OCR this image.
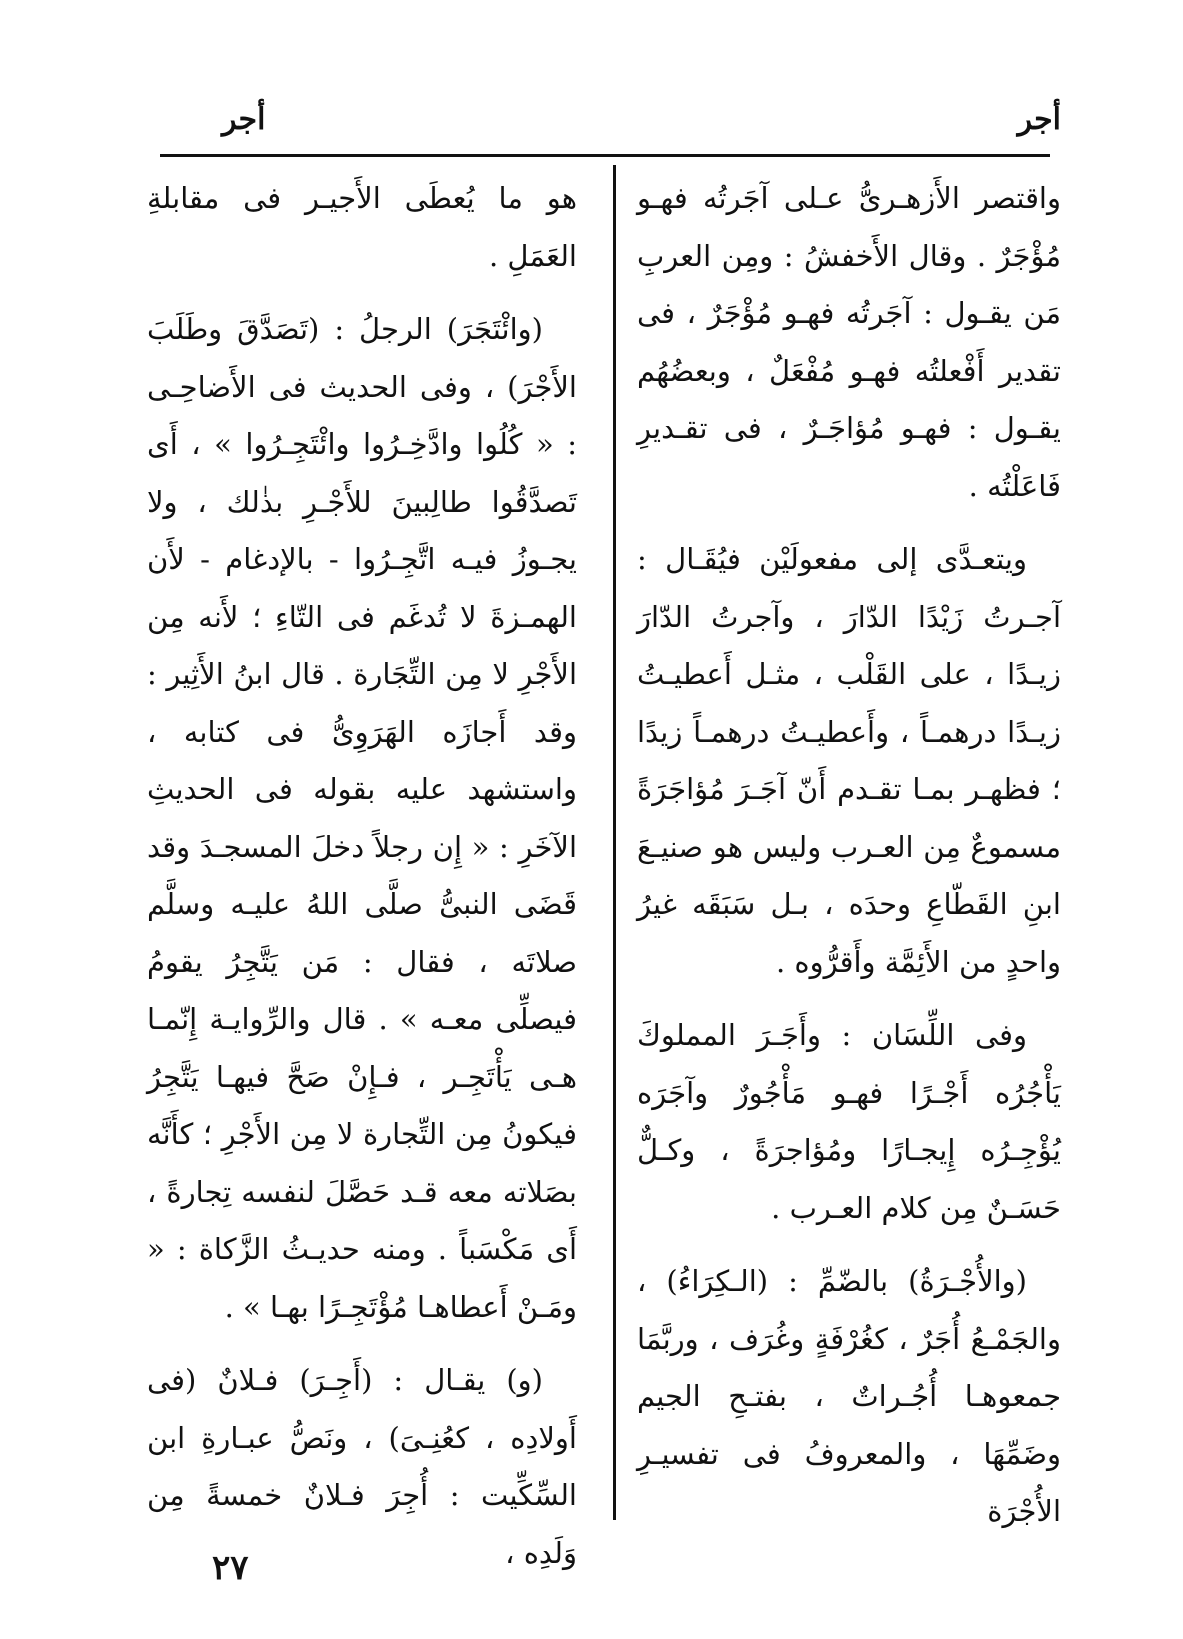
أجر
أجر

واقتصر الأَزهـرىُّ عـلى آجَرتُه فهـو مُؤْجَرٌ . وقال الأَخفشُ : ومِن العربِ مَن يقـول : آجَرتُه فهـو مُؤْجَرٌ ، فى تقدير أَفْعلتُه فهـو مُفْعَلٌ ، وبعضُهُم يقـول : فهـو مُؤاجَـرٌ ، فى تقـديرِ فَاعَلْتُه .

ويتعـدَّى إلى مفعولَيْن فيُقَـال : آجـرتُ زَيْدًا الدّارَ ، وآجرتُ الدّارَ زيـدًا ، على القَلْب ، مثـل أَعطيـتُ زيـدًا درهمـاً ، وأَعطيـتُ درهمـاً زيدًا ؛ فظهـر بمـا تقـدم أَنّ آجَـرَ مُؤاجَرَةً مسموعٌ مِن العـرب وليس هو صنيـعَ ابنِ القَطّاعِ وحدَه ، بـل سَبَقَه غيرُ واحدٍ من الأَئِمَّة وأَقرُّوه .

وفى اللِّسَان : وأَجَـرَ المملوكَ يَأْجُرُه أَجْـرًا فهـو مَأْجُورٌ وآجَرَه يُؤْجِـرُه إِيجـارًا ومُؤاجرَةً ، وكـلٌّ حَسَـنٌ مِن كلام العـرب .

(والأُجْـرَةُ) بالضّمِّ : (الـكِرَاءُ) ، والجَمْـعُ أُجَرٌ ، كغُرْفَةٍ وغُرَف ، وربَّمَا جمعوهـا أُجُـراتٌ ، بفتـحِ الجيم وضَمِّهَا ، والمعروفُ فى تفسيـرِ الأُجْرَة

هو ما يُعطَى الأَجيـر فى مقابلةِ العَمَلِ .

(وائْتَجَرَ) الرجلُ : (تَصَدَّقَ وطَلَبَ الأَجْرَ) ، وفى الحديث فى الأَضاحِـى : « كُلُوا وادَّخِـرُوا وائْتَجِـرُوا » ، أَى تَصدَّقُوا طالِبينَ للأَجْـرِ بذٰلك ، ولا يجـوزُ فيـه اتَّجِـرُوا - بالإدغام - لأَن الهمـزةَ لا تُدغَم فى التّاءِ ؛ لأَنه مِن الأَجْرِ لا مِن التِّجَارة . قال ابنُ الأَثِير : وقد أَجازَه الهَرَوِىُّ فى كتابه ، واستشهد عليه بقوله فى الحديثِ الآخَرِ : « إِن رجلاً دخلَ المسجـدَ وقد قَضَى النبىُّ صلَّى اللهُ عليـه وسلَّم صلاتَه ، فقال : مَن يَتَّجِرُ يقومُ فيصلِّى معـه » . قال والرِّوايـة إِنّمـا هـى يَأْتَجِـر ، فـإِنْ صَحَّ فيهـا يَتَّجِرُ فيكونُ مِن التِّجارة لا مِن الأَجْرِ ؛ كأَنَّه بصَلاته معه قـد حَصَّلَ لنفسه تِجارةً ، أَى مَكْسَباً . ومنه حديـثُ الزَّكاة : « ومَـنْ أَعطاهـا مُؤْتَجِـرًا بهـا » .

(و) يقـال : (أَجِـرَ) فـلانٌ (فى أَولادِه ، كعُنِـىَ) ، ونَصُّ عبـارةِ ابن السِّكِّيت : أُجِرَ فـلانٌ خمسةً مِن وَلَدِه ،

٢٧
